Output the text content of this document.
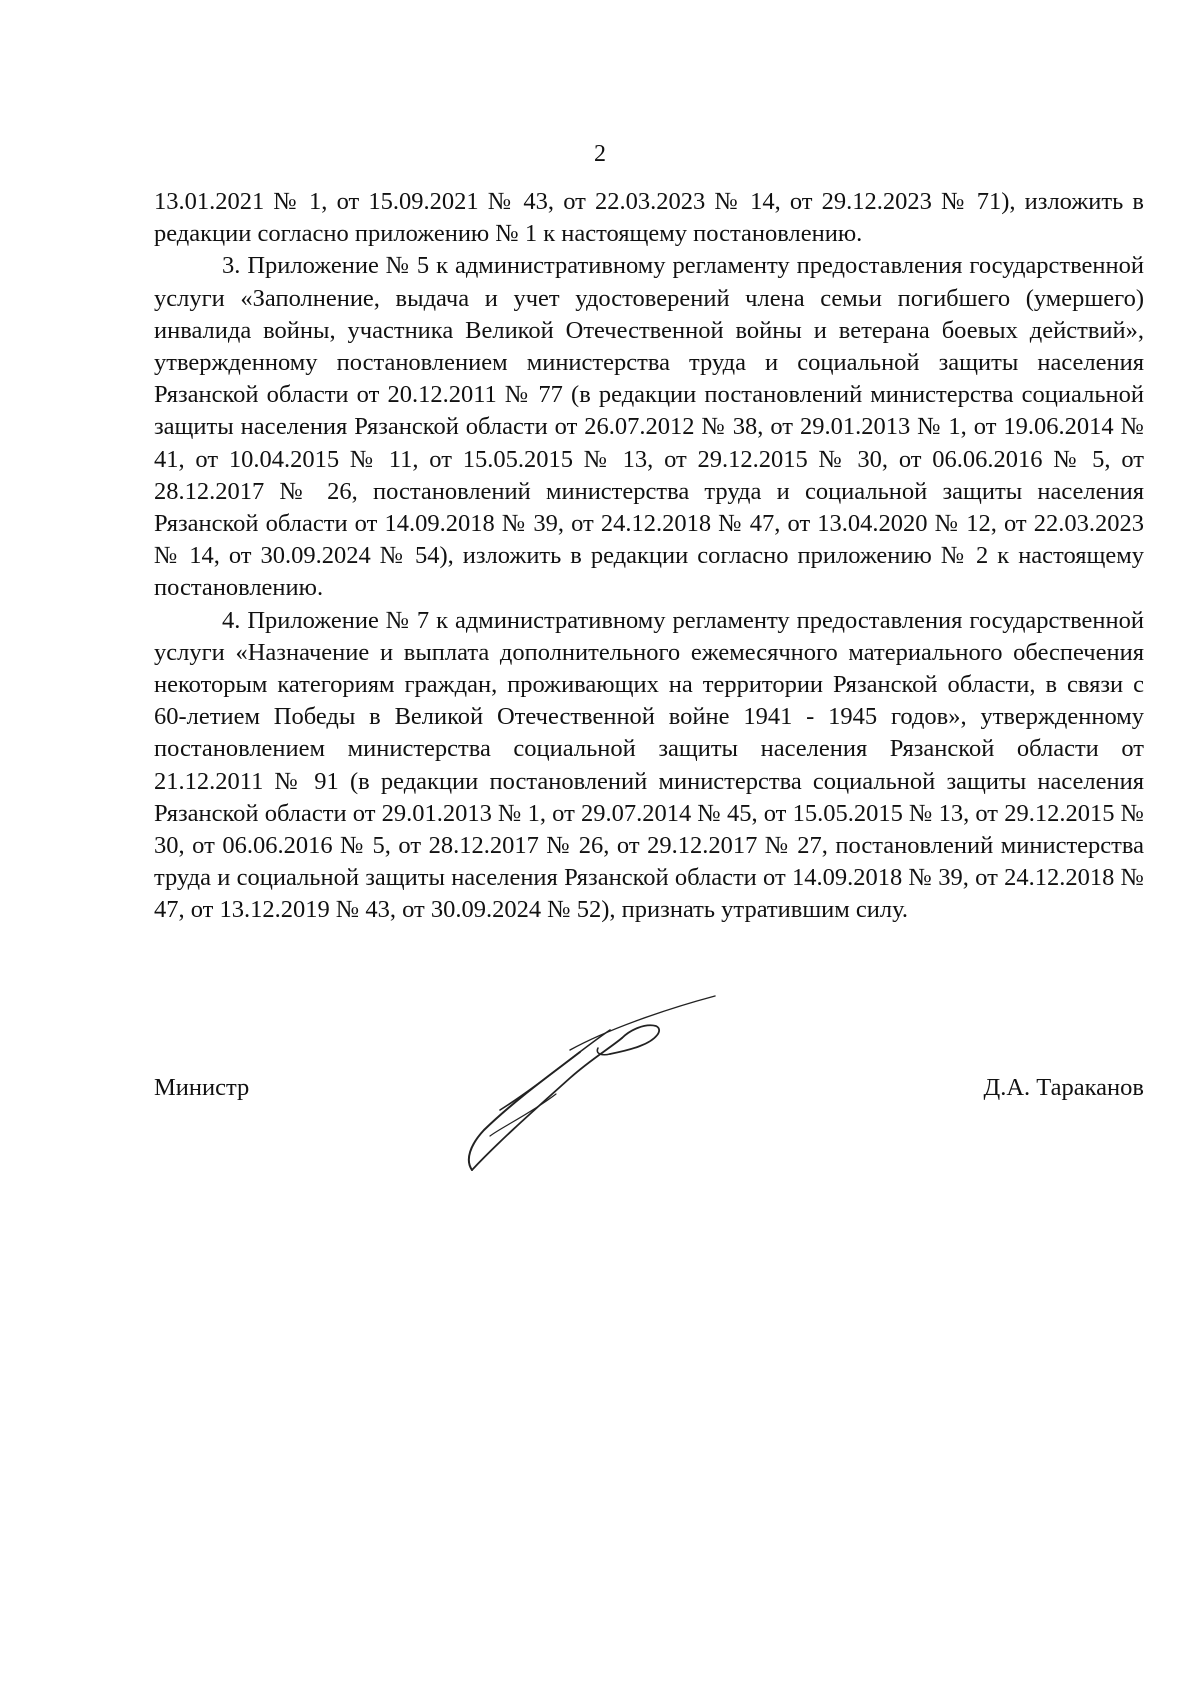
2

13.01.2021 № 1, от 15.09.2021 № 43, от 22.03.2023 № 14, от 29.12.2023 № 71), изложить в редакции согласно приложению № 1 к настоящему постановлению.

3. Приложение № 5 к административному регламенту предоставления государственной услуги «Заполнение, выдача и учет удостоверений члена семьи погибшего (умершего) инвалида войны, участника Великой Отечественной войны и ветерана боевых действий», утвержденному постановлением министерства труда и социальной защиты населения Рязанской области от 20.12.2011 № 77 (в редакции постановлений министерства социальной защиты населения Рязанской области от 26.07.2012 № 38, от 29.01.2013 № 1, от 19.06.2014 № 41, от 10.04.2015 № 11, от 15.05.2015 № 13, от 29.12.2015 № 30, от 06.06.2016 № 5, от 28.12.2017 № 26, постановлений министерства труда и социальной защиты населения Рязанской области от 14.09.2018 № 39, от 24.12.2018 № 47, от 13.04.2020 № 12, от 22.03.2023 № 14, от 30.09.2024 № 54), изложить в редакции согласно приложению № 2 к настоящему постановлению.

4. Приложение № 7 к административному регламенту предоставления государственной услуги «Назначение и выплата дополнительного ежемесячного материального обеспечения некоторым категориям граждан, проживающих на территории Рязанской области, в связи с 60-летием Победы в Великой Отечественной войне 1941 - 1945 годов», утвержденному постановлением министерства социальной защиты населения Рязанской области от 21.12.2011 № 91 (в редакции постановлений министерства социальной защиты населения Рязанской области от 29.01.2013 № 1, от 29.07.2014 № 45, от 15.05.2015 № 13, от 29.12.2015 № 30, от 06.06.2016 № 5, от 28.12.2017 № 26, от 29.12.2017 № 27, постановлений министерства труда и социальной защиты населения Рязанской области от 14.09.2018 № 39, от 24.12.2018 № 47, от 13.12.2019 № 43, от 30.09.2024 № 52), признать утратившим силу.

Министр	Д.А. Тараканов
